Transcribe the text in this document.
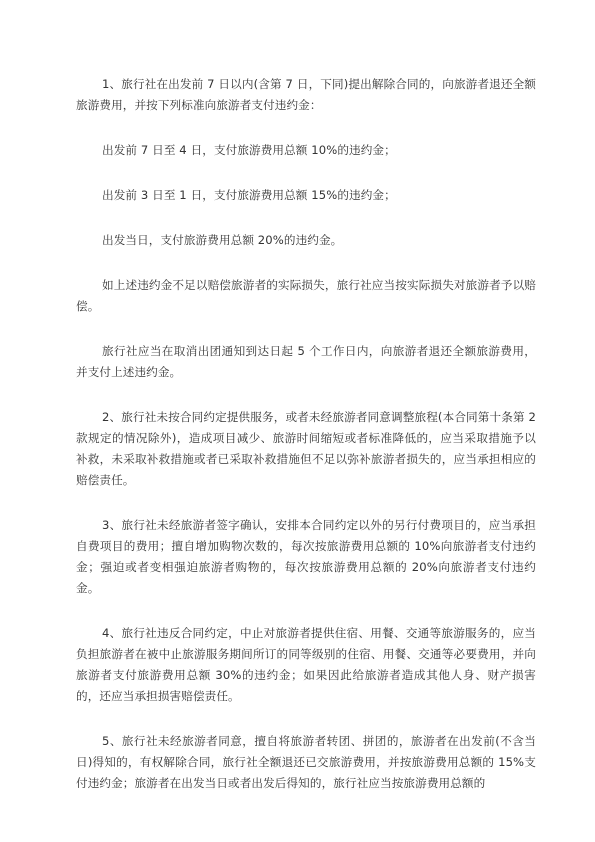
1、旅行社在出发前 7 日以内(含第 7 日，下同)提出解除合同的，向旅游者退还全额旅游费用，并按下列标准向旅游者支付违约金：

出发前 7 日至 4 日，支付旅游费用总额 10%的违约金；

出发前 3 日至 1 日，支付旅游费用总额 15%的违约金；

出发当日，支付旅游费用总额 20%的违约金。

如上述违约金不足以赔偿旅游者的实际损失，旅行社应当按实际损失对旅游者予以赔偿。

旅行社应当在取消出团通知到达日起 5 个工作日内，向旅游者退还全额旅游费用，并支付上述违约金。

2、旅行社未按合同约定提供服务，或者未经旅游者同意调整旅程(本合同第十条第 2 款规定的情况除外)，造成项目减少、旅游时间缩短或者标准降低的，应当采取措施予以补救，未采取补救措施或者已采取补救措施但不足以弥补旅游者损失的，应当承担相应的赔偿责任。

3、旅行社未经旅游者签字确认，安排本合同约定以外的另行付费项目的，应当承担自费项目的费用；擅自增加购物次数的，每次按旅游费用总额的 10%向旅游者支付违约金；强迫或者变相强迫旅游者购物的，每次按旅游费用总额的 20%向旅游者支付违约金。

4、旅行社违反合同约定，中止对旅游者提供住宿、用餐、交通等旅游服务的，应当负担旅游者在被中止旅游服务期间所订的同等级别的住宿、用餐、交通等必要费用，并向旅游者支付旅游费用总额 30%的违约金；如果因此给旅游者造成其他人身、财产损害的，还应当承担损害赔偿责任。

5、旅行社未经旅游者同意，擅自将旅游者转团、拼团的，旅游者在出发前(不含当日)得知的，有权解除合同，旅行社全额退还已交旅游费用，并按旅游费用总额的 15%支付违约金；旅游者在出发当日或者出发后得知的，旅行社应当按旅游费用总额的
